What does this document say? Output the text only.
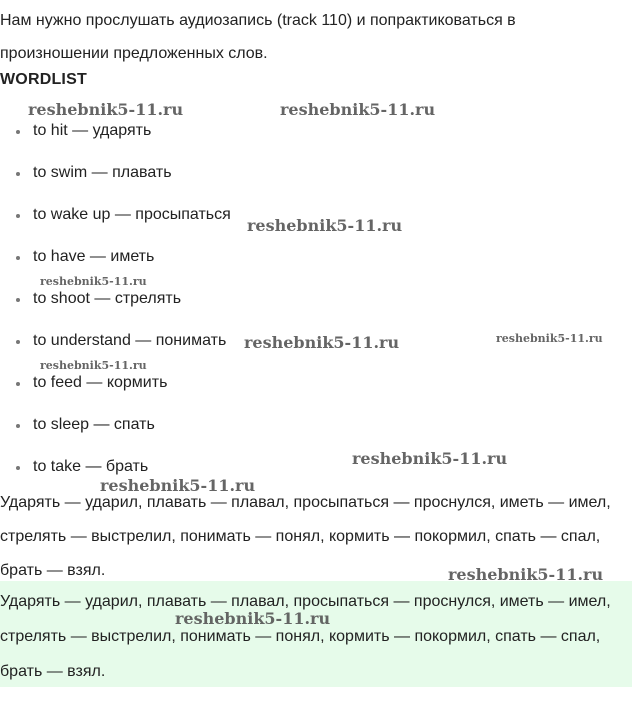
Нам нужно прослушать аудиозапись (track 110) и попрактиковаться в произношении предложенных слов.

WORDLIST

to hit — ударять
to swim — плавать
to wake up — просыпаться
to have — иметь
to shoot — стрелять
to understand — понимать
to feed — кормить
to sleep — спать
to take — брать

Ударять — ударил, плавать — плавал, просыпаться — проснулся, иметь — имел, стрелять — выстрелил, понимать — понял, кормить — покормил, спать — спал, брать — взял.

Ударять — ударил, плавать — плавал, просыпаться — проснулся, иметь — имел, стрелять — выстрелил, понимать — понял, кормить — покормил, спать — спал, брать — взял.

reshebnik5-11.ru	reshebnik5-11.ru
reshebnik5-11.ru
reshebnik5-11.ru
reshebnik5-11.ru	reshebnik5-11.ru
reshebnik5-11.ru
reshebnik5-11.ru
reshebnik5-11.ru
reshebnik5-11.ru
reshebnik5-11.ru
